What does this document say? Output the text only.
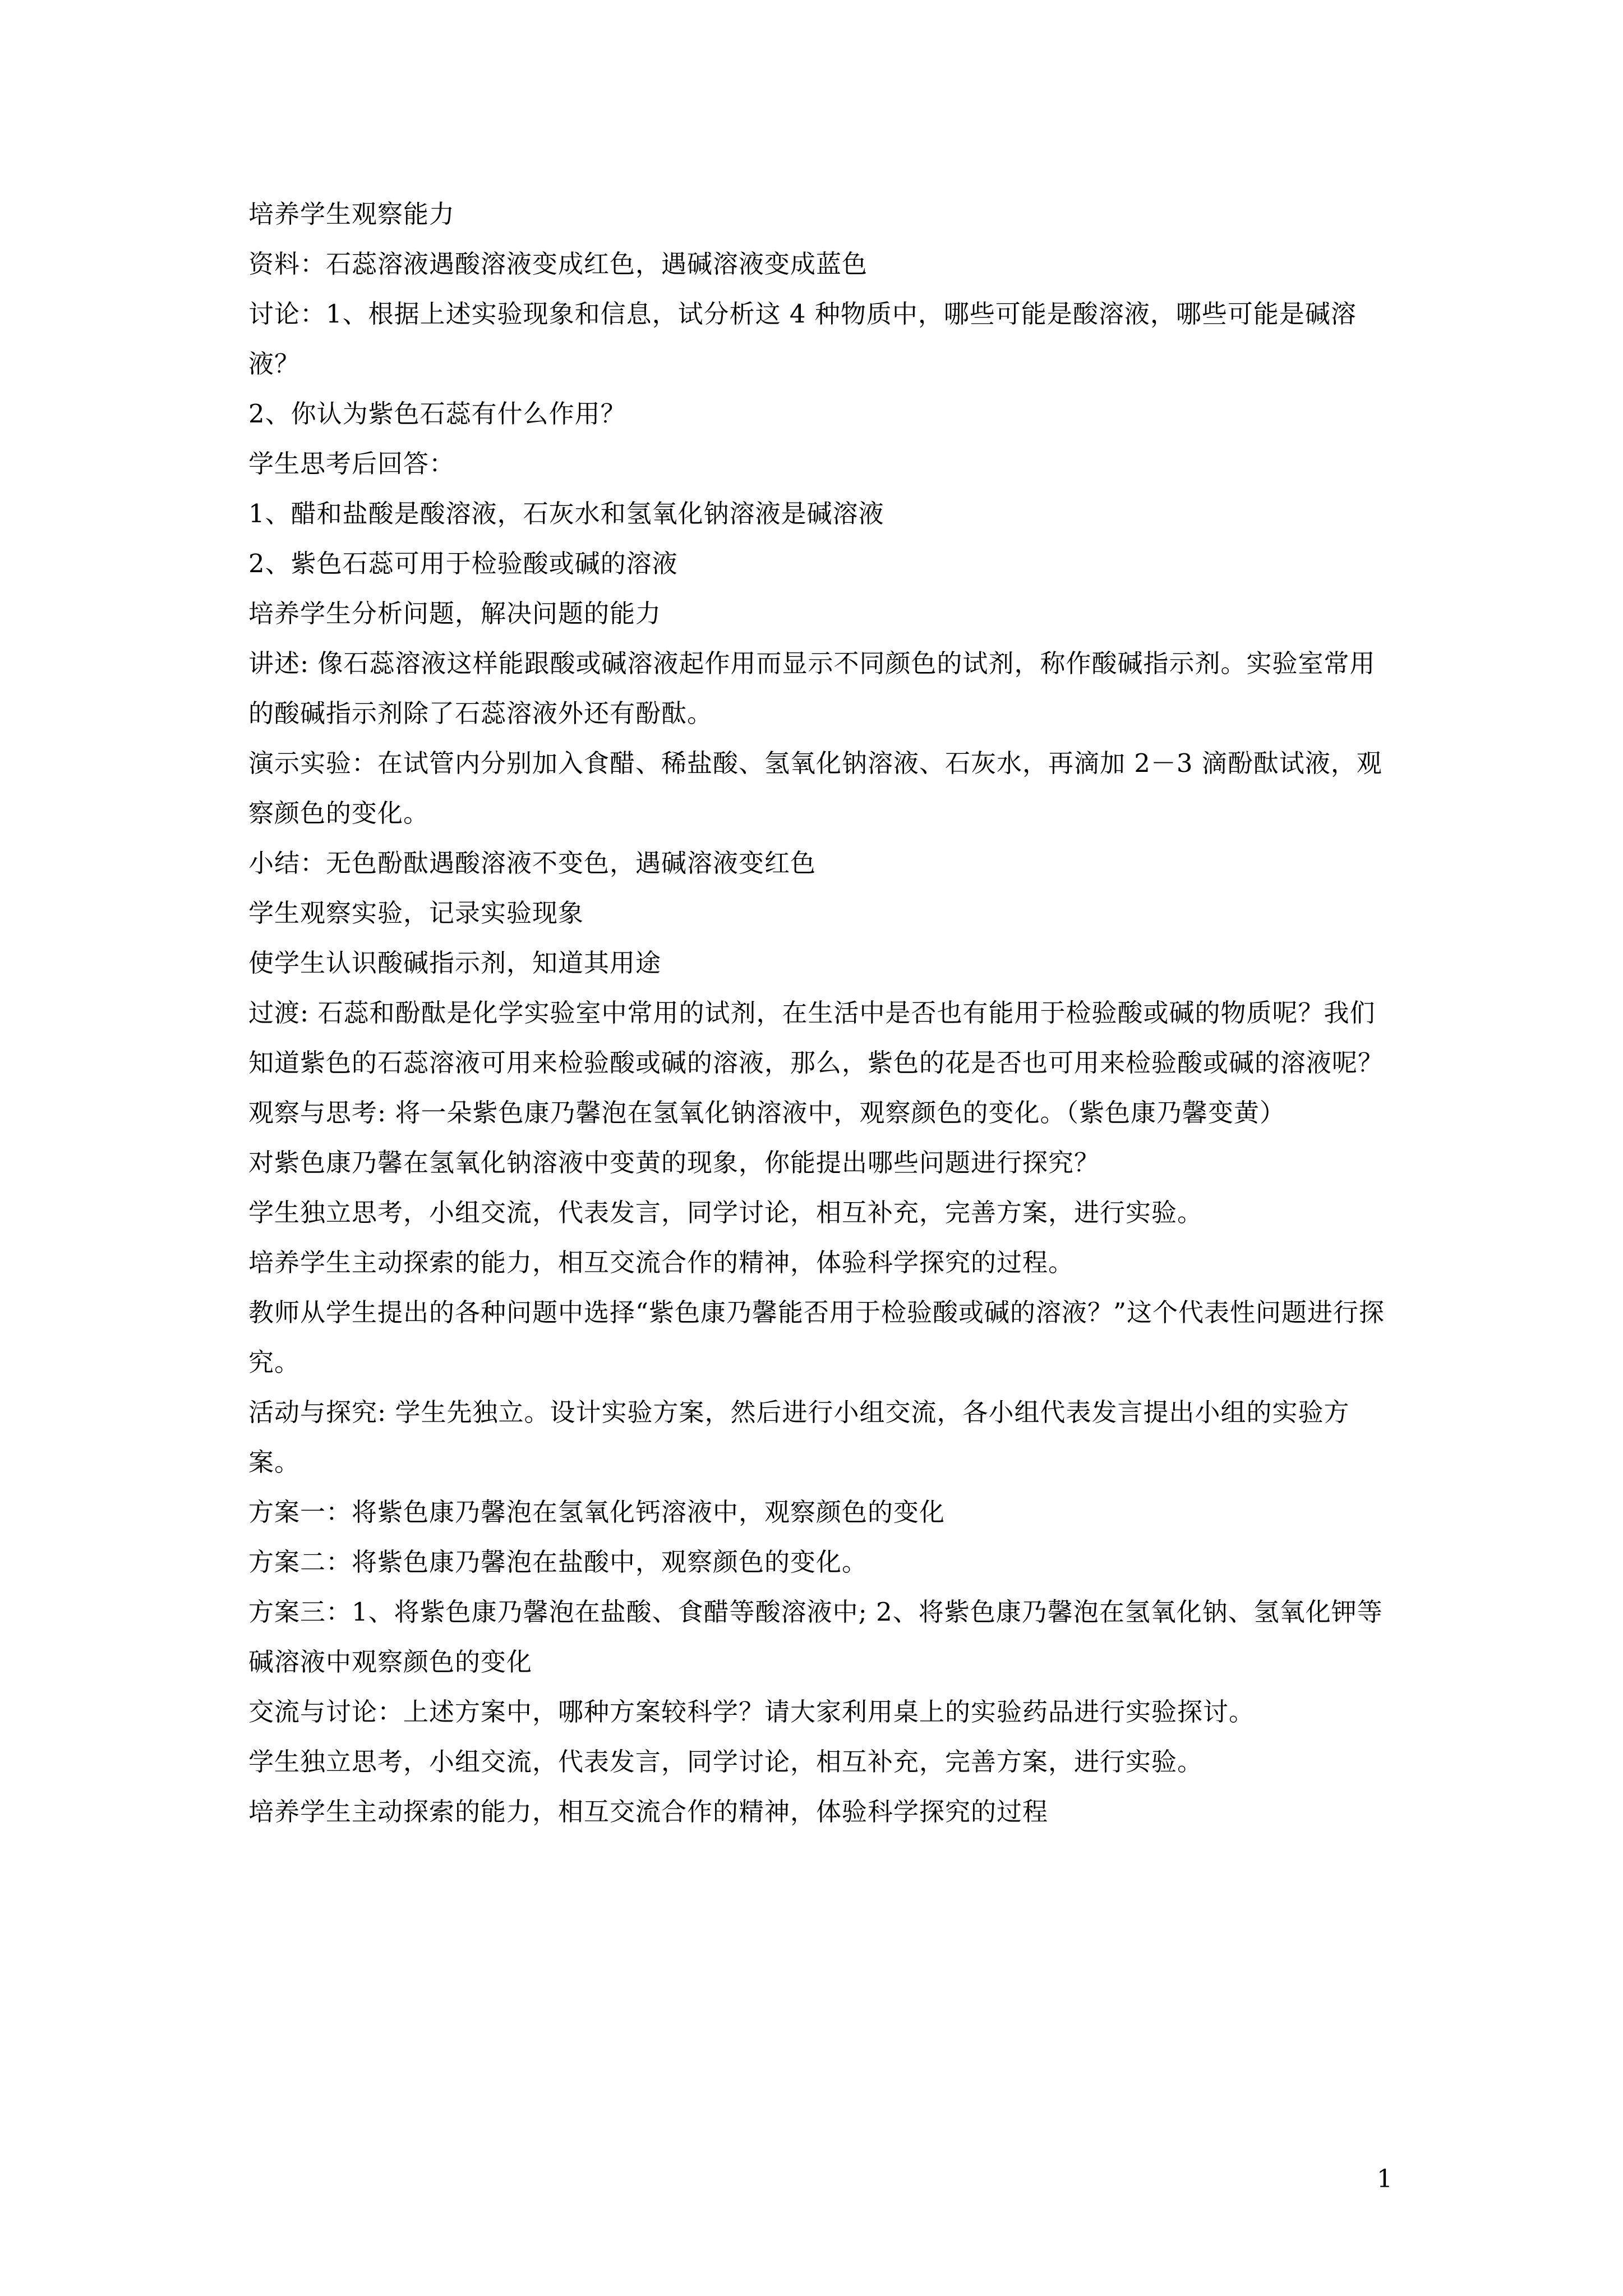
培养学生观察能力

资料：石蕊溶液遇酸溶液变成红色，遇碱溶液变成蓝色

讨论：1、根据上述实验现象和信息，试分析这 4 种物质中，哪些可能是酸溶液，哪些可能是碱溶液？

2、你认为紫色石蕊有什么作用？

学生思考后回答：

1、醋和盐酸是酸溶液，石灰水和氢氧化钠溶液是碱溶液

2、紫色石蕊可用于检验酸或碱的溶液

培养学生分析问题，解决问题的能力

讲述: 像石蕊溶液这样能跟酸或碱溶液起作用而显示不同颜色的试剂，称作酸碱指示剂。实验室常用的酸碱指示剂除了石蕊溶液外还有酚酞。

演示实验：在试管内分别加入食醋、稀盐酸、氢氧化钠溶液、石灰水，再滴加 2－3 滴酚酞试液，观察颜色的变化。

小结：无色酚酞遇酸溶液不变色，遇碱溶液变红色

学生观察实验，记录实验现象

使学生认识酸碱指示剂，知道其用途

过渡: 石蕊和酚酞是化学实验室中常用的试剂，在生活中是否也有能用于检验酸或碱的物质呢？我们知道紫色的石蕊溶液可用来检验酸或碱的溶液，那么，紫色的花是否也可用来检验酸或碱的溶液呢？

观察与思考: 将一朵紫色康乃馨泡在氢氧化钠溶液中，观察颜色的变化。（紫色康乃馨变黄）

对紫色康乃馨在氢氧化钠溶液中变黄的现象，你能提出哪些问题进行探究？

学生独立思考，小组交流，代表发言，同学讨论，相互补充，完善方案，进行实验。

培养学生主动探索的能力，相互交流合作的精神，体验科学探究的过程。

教师从学生提出的各种问题中选择“紫色康乃馨能否用于检验酸或碱的溶液？”这个代表性问题进行探究。

活动与探究: 学生先独立。设计实验方案，然后进行小组交流，各小组代表发言提出小组的实验方案。

方案一：将紫色康乃馨泡在氢氧化钙溶液中，观察颜色的变化

方案二：将紫色康乃馨泡在盐酸中，观察颜色的变化。

方案三：1、将紫色康乃馨泡在盐酸、食醋等酸溶液中; 2、将紫色康乃馨泡在氢氧化钠、氢氧化钾等碱溶液中观察颜色的变化

交流与讨论：上述方案中，哪种方案较科学？请大家利用桌上的实验药品进行实验探讨。

学生独立思考，小组交流，代表发言，同学讨论，相互补充，完善方案，进行实验。

培养学生主动探索的能力，相互交流合作的精神，体验科学探究的过程

1
